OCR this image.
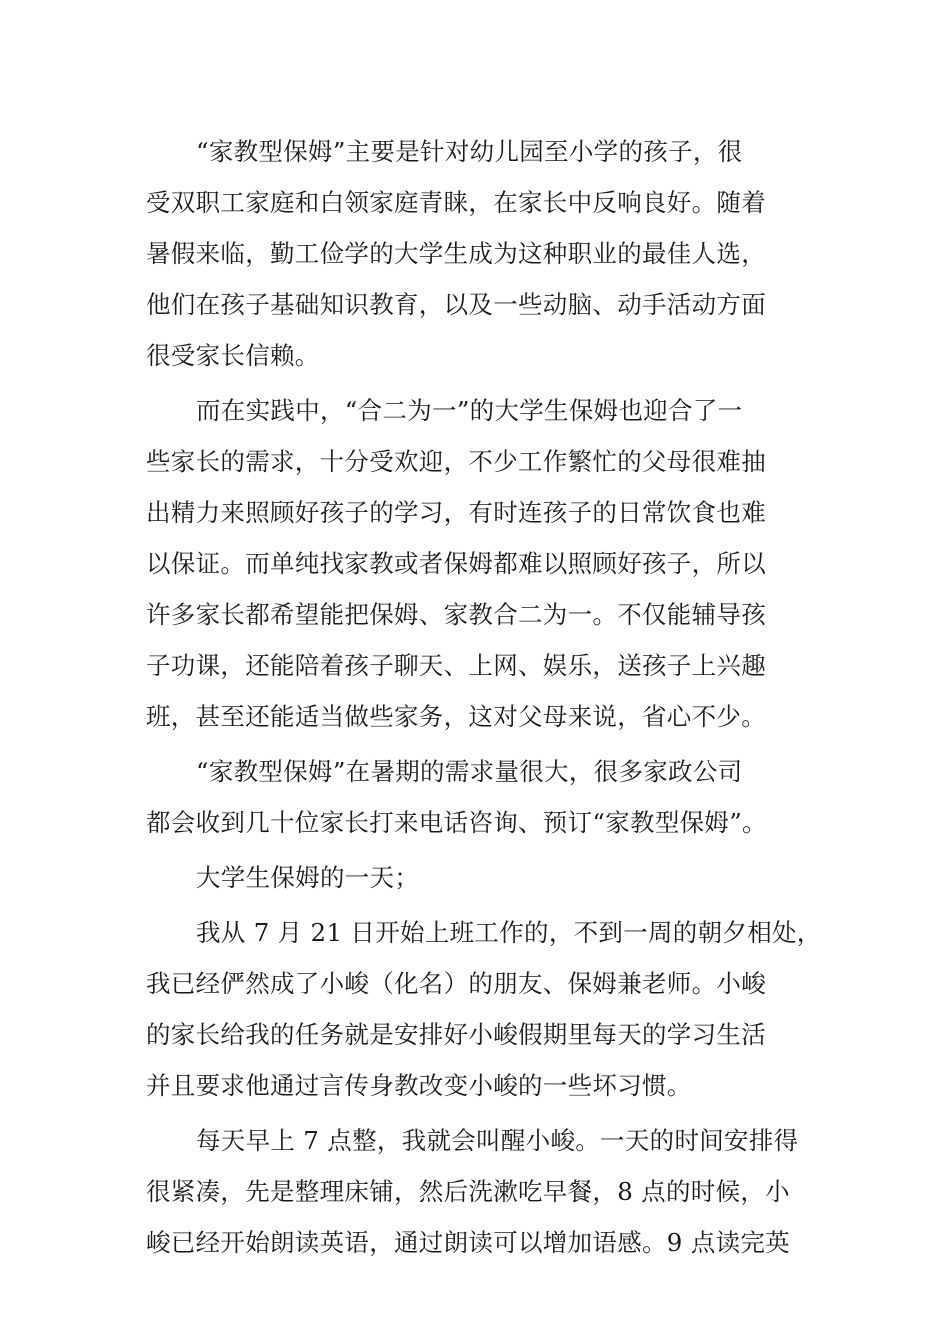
“家教型保姆”主要是针对幼儿园至小学的孩子，很
受双职工家庭和白领家庭青睐，在家长中反响良好。随着
暑假来临，勤工俭学的大学生成为这种职业的最佳人选，
他们在孩子基础知识教育，以及一些动脑、动手活动方面
很受家长信赖。
而在实践中，“合二为一”的大学生保姆也迎合了一
些家长的需求，十分受欢迎，不少工作繁忙的父母很难抽
出精力来照顾好孩子的学习，有时连孩子的日常饮食也难
以保证。而单纯找家教或者保姆都难以照顾好孩子，所以
许多家长都希望能把保姆、家教合二为一。不仅能辅导孩
子功课，还能陪着孩子聊天、上网、娱乐，送孩子上兴趣
班，甚至还能适当做些家务，这对父母来说，省心不少。
“家教型保姆”在暑期的需求量很大，很多家政公司
都会收到几十位家长打来电话咨询、预订“家教型保姆”。
大学生保姆的一天；
我从 7 月 21 日开始上班工作的，不到一周的朝夕相处，
我已经俨然成了小峻（化名）的朋友、保姆兼老师。小峻
的家长给我的任务就是安排好小峻假期里每天的学习生活
并且要求他通过言传身教改变小峻的一些坏习惯。
每天早上 7 点整，我就会叫醒小峻。一天的时间安排得
很紧凑，先是整理床铺，然后洗漱吃早餐，8 点的时候，小
峻已经开始朗读英语，通过朗读可以增加语感。9 点读完英
